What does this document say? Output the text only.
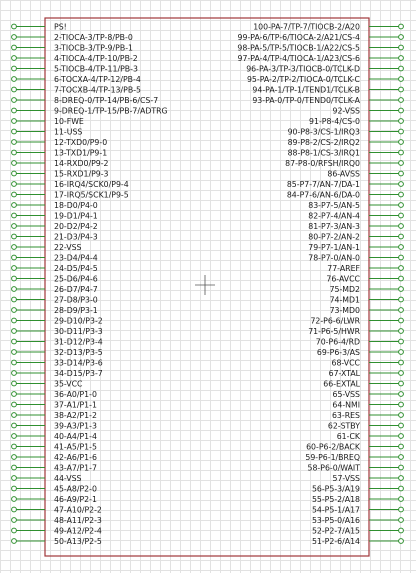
PS!
2-TIOCA-3/TP-8/PB-0
3-TIOCB-3/TP-9/PB-1
4-TIOCA-4/TP-10/PB-2
5-TIOCB-4/TP-11/PB-3
6-TOCXA-4/TP-12/PB-4
7-TOCXB-4/TP-13/PB-5
8-DREQ-0/TP-14/PB-6/CS-7
9-DREQ-1/TP-15/PB-7/ADTRG
10-FWE
11-USS
12-TXD0/P9-0
13-TXD1/P9-1
14-RXD0/P9-2
15-RXD1/P9-3
16-IRQ4/SCK0/P9-4
17-IRQ5/SCK1/P9-5
18-D0/P4-0
19-D1/P4-1
20-D2/P4-2
21-D3/P4-3
22-VSS
23-D4/P4-4
24-D5/P4-5
25-D6/P4-6
26-D7/P4-7
27-D8/P3-0
28-D9/P3-1
29-D10/P3-2
30-D11/P3-3
31-D12/P3-4
32-D13/P3-5
33-D14/P3-6
34-D15/P3-7
35-VCC
36-A0/P1-0
37-A1/P1-1
38-A2/P1-2
39-A3/P1-3
40-A4/P1-4
41-A5/P1-5
42-A6/P1-6
43-A7/P1-7
44-VSS
45-A8/P2-0
46-A9/P2-1
47-A10/P2-2
48-A11/P2-3
49-A12/P2-4
50-A13/P2-5
100-PA-7/TP-7/TIOCB-2/A20
99-PA-6/TP-6/TIOCA-2/A21/CS-4
98-PA-5/TP-5/TIOCB-1/A22/CS-5
97-PA-4/TP-4/TIOCA-1/A23/CS-6
96-PA-3/TP-3/TIOCB-0/TCLK-D
95-PA-2/TP-2/TIOCA-0/TCLK-C
94-PA-1/TP-1/TEND1/TCLK-B
93-PA-0/TP-0/TEND0/TCLK-A
92-VSS
91-P8-4/CS-0
90-P8-3/CS-1/IRQ3
89-P8-2/CS-2/IRQ2
88-P8-1/CS-3/IRQ1
87-P8-0/RFSH/IRQ0
86-AVSS
85-P7-7/AN-7/DA-1
84-P7-6/AN-6/DA-0
83-P7-5/AN-5
82-P7-4/AN-4
81-P7-3/AN-3
80-P7-2/AN-2
79-P7-1/AN-1
78-P7-0/AN-0
77-AREF
76-AVCC
75-MD2
74-MD1
73-MD0
72-P6-6/LWR
71-P6-5/HWR
70-P6-4/RD
69-P6-3/AS
68-VCC
67-XTAL
66-EXTAL
65-VSS
64-NMI
63-RES
62-STBY
61-CK
60-P6-2/BACK
59-P6-1/BREQ
58-P6-0/WAIT
57-VSS
56-P5-3/A19
55-P5-2/A18
54-P5-1/A17
53-P5-0/A16
52-P2-7/A15
51-P2-6/A14
